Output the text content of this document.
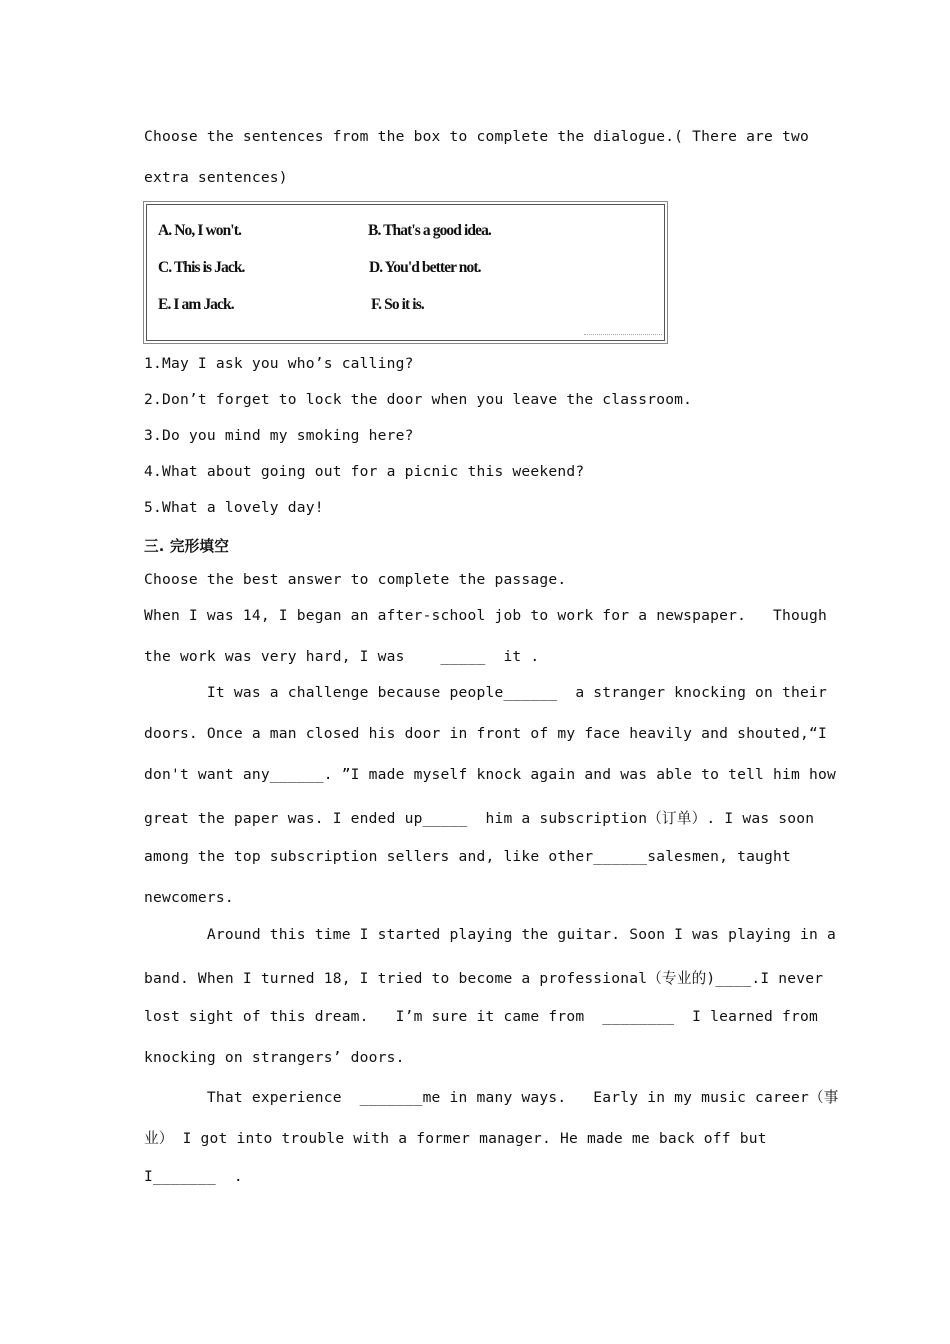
Choose the sentences from the box to complete the dialogue.( There are two
extra sentences)
A. No, I won't.	B. That's a good idea.
C. This is Jack.	D. You'd better not.
E. I am Jack.	F. So it is.
1.May I ask you who’s calling?
2.Don’t forget to lock the door when you leave the classroom.
3.Do you mind my smoking here?
4.What about going out for a picnic this weekend?
5.What a lovely day!
三. 完形填空
Choose the best answer to complete the passage.
When I was 14, I began an after-school job to work for a newspaper.   Though
the work was very hard, I was    _____  it .
It was a challenge because people______  a stranger knocking on their
doors. Once a man closed his door in front of my face heavily and shouted,“I
don't want any______. ”I made myself knock again and was able to tell him how
great the paper was. I ended up_____  him a subscription（订单）. I was soon
among the top subscription sellers and, like other______salesmen, taught
newcomers.
Around this time I started playing the guitar. Soon I was playing in a
band. When I turned 18, I tried to become a professional（专业的)____.I never
lost sight of this dream.   I’m sure it came from  ________  I learned from
knocking on strangers’ doors.
That experience  _______me in many ways.   Early in my music career（事
业） I got into trouble with a former manager. He made me back off but
I_______  .
